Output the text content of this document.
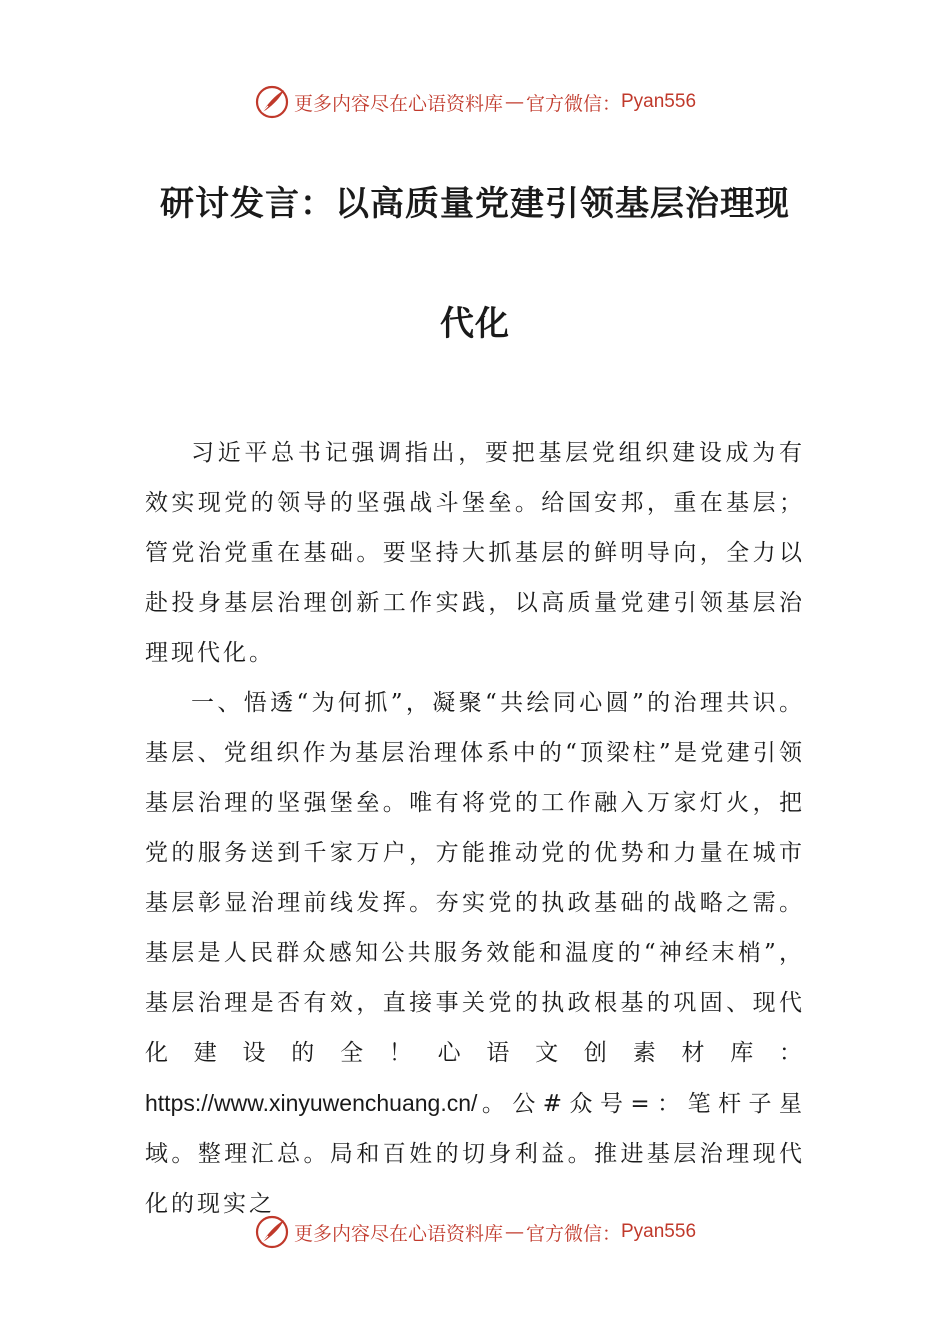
更多内容尽在心语资料库 — 官方微信： Pyan556
研讨发言：以高质量党建引领基层治理现
代化

习近平总书记强调指出，要把基层党组织建设成为有效实现党的领导的坚强战斗堡垒。给国安邦，重在基层；管党治党重在基础。要坚持大抓基层的鲜明导向，全力以赴投身基层治理创新工作实践，以高质量党建引领基层治理现代化。

一、悟透“为何抓”，凝聚“共绘同心圆”的治理共识。基层、党组织作为基层治理体系中的“顶梁柱”是党建引领基层治理的坚强堡垒。唯有将党的工作融入万家灯火，把党的服务送到千家万户，方能推动党的优势和力量在城市基层彰显治理前线发挥。夯实党的执政基础的战略之需。基层是人民群众感知公共服务效能和温度的“神经末梢”，基层治理是否有效，直接事关党的执政根基的巩固、现代化建设的全！心语文创素材库：https://www.xinyuwenchuang.cn/。公#众号=：笔杆子星域。整理汇总。局和百姓的切身利益。推进基层治理现代化的现实之

更多内容尽在心语资料库 — 官方微信： Pyan556
